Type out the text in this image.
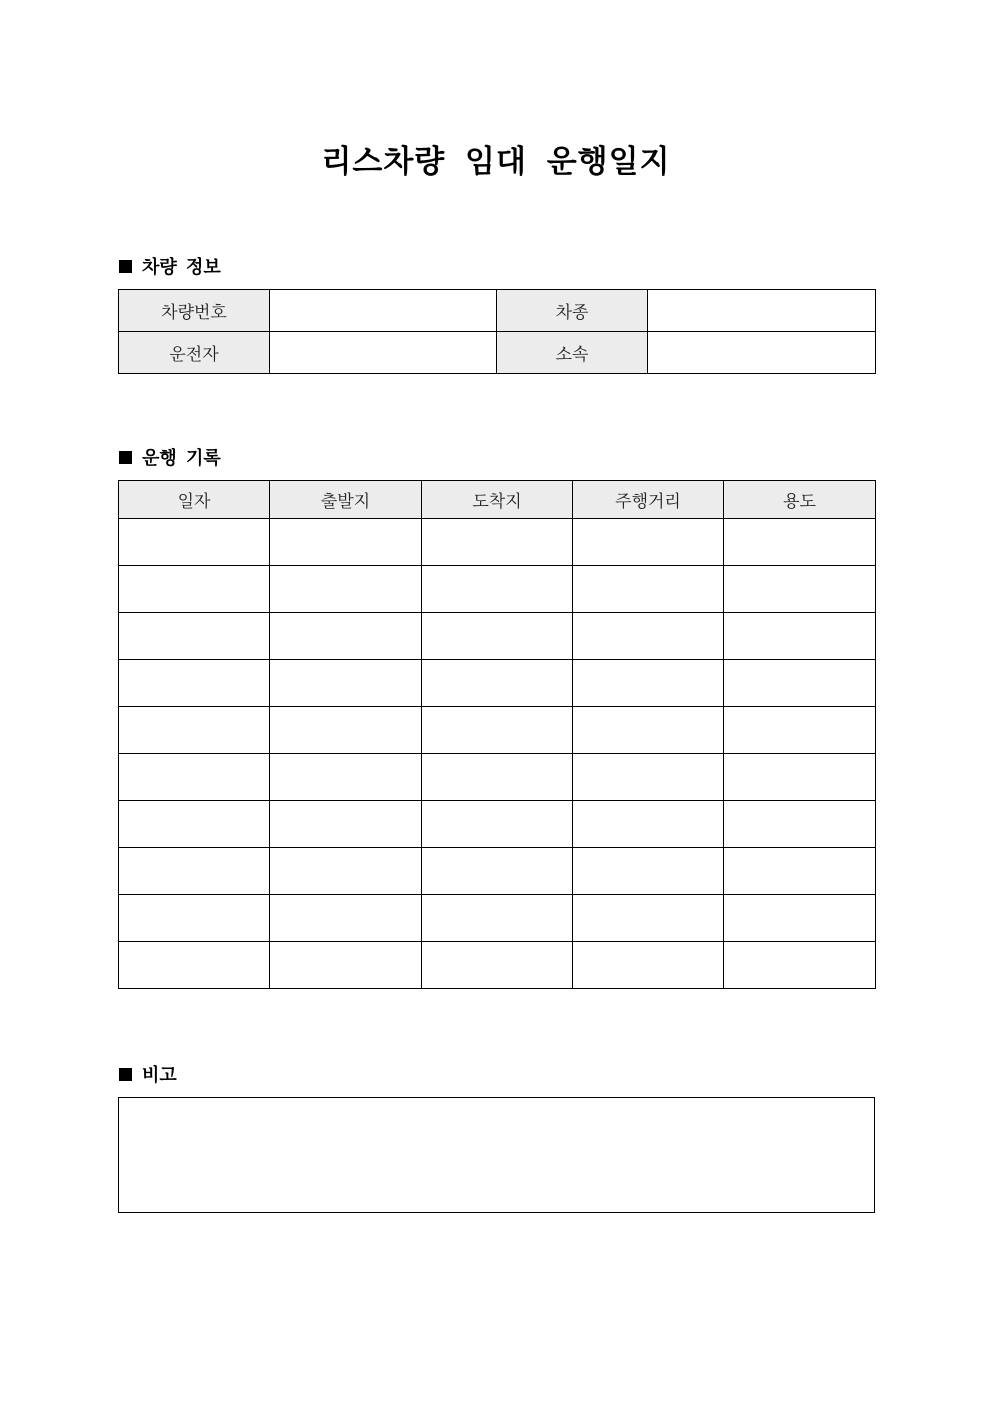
리스차량 임대 운행일지
차량 정보
차량번호		차종	
운전자		소속	
운행 기록
일자	출발지	도착지	주행거리	용도

비고
